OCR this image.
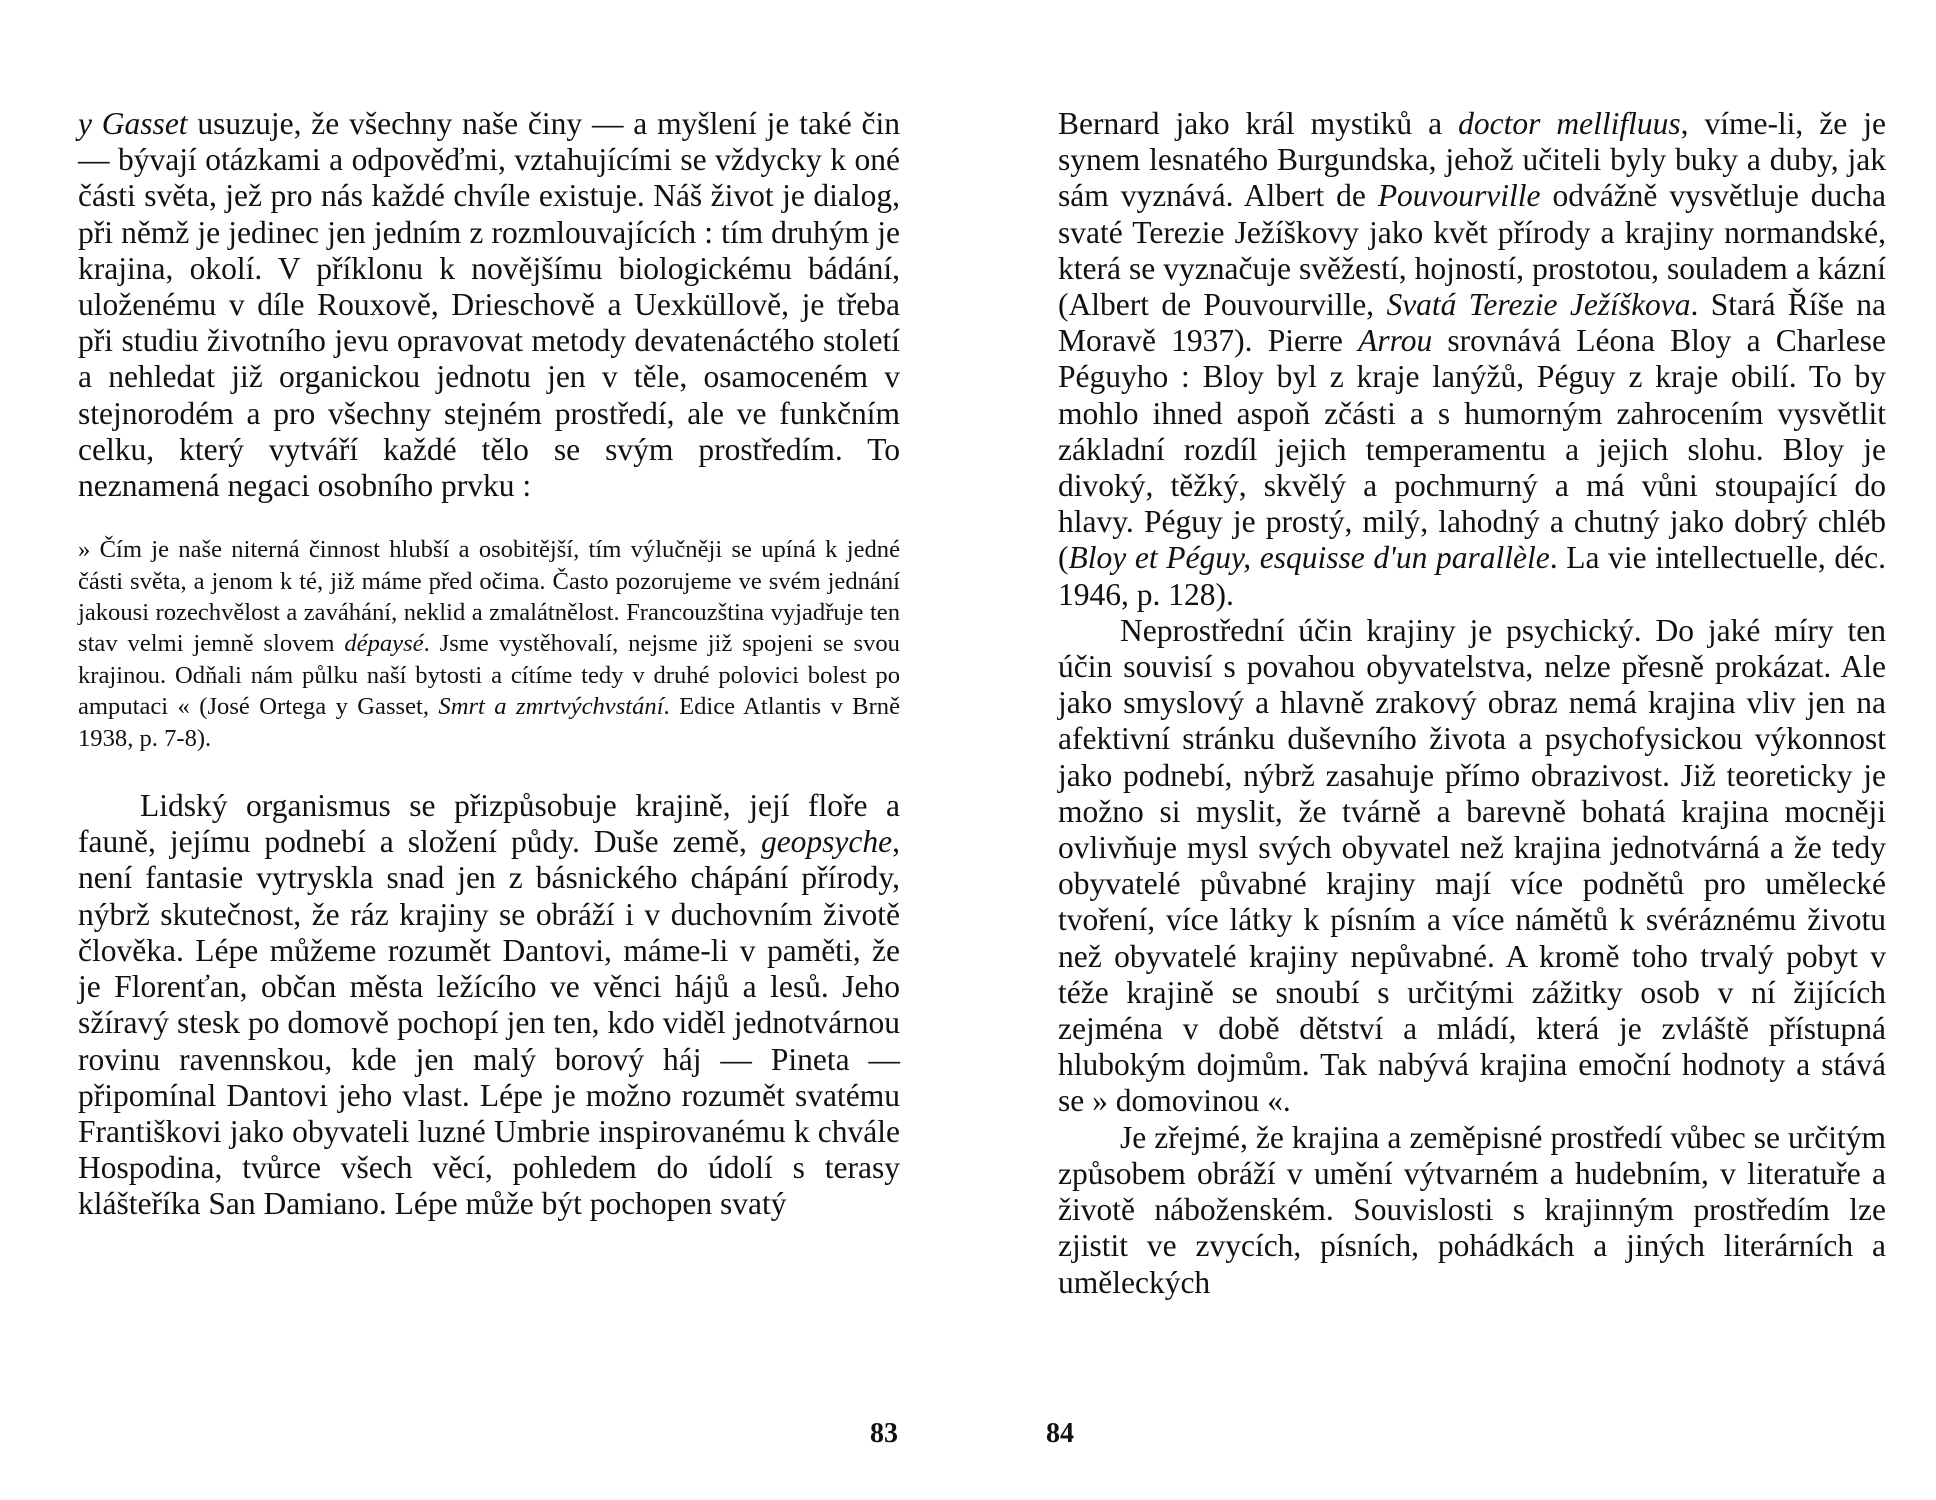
y Gasset usuzuje, že všechny naše činy — a myšlení je také čin — bývají otázkami a odpověďmi, vztahujícími se vždycky k oné části světa, jež pro nás každé chvíle existuje. Náš život je dialog, při němž je jedinec jen jedním z rozmlouvajících : tím druhým je krajina, okolí. V příklonu k novějšímu biologickému bádání, uloženému v díle Rouxově, Drieschově a Uexküllově, je třeba při studiu životního jevu opravovat metody devatenáctého století a nehledat již organickou jednotu jen v těle, osamoceném v stejnorodém a pro všechny stejném prostředí, ale ve funkčním celku, který vytváří každé tělo se svým prostředím. To neznamená negaci osobního prvku :

» Čím je naše niterná činnost hlubší a osobitější, tím výlučněji se upíná k jedné části světa, a jenom k té, již máme před očima. Často pozorujeme ve svém jednání jakousi rozechvělost a zaváhání, neklid a zmalátnělost. Francouzština vyjadřuje ten stav velmi jemně slovem dépaysé. Jsme vystěhovalí, nejsme již spojeni se svou krajinou. Odňali nám půlku naší bytosti a cítíme tedy v druhé polovici bolest po amputaci « (José Ortega y Gasset, Smrt a zmrtvýchvstání. Edice Atlantis v Brně 1938, p. 7-8).

Lidský organismus se přizpůsobuje krajině, její floře a fauně, jejímu podnebí a složení půdy. Duše země, geopsyche, není fantasie vytryskla snad jen z básnického chápání přírody, nýbrž skutečnost, že ráz krajiny se obráží i v duchovním životě člověka. Lépe můžeme rozumět Dantovi, máme-li v paměti, že je Florenťan, občan města ležícího ve věnci hájů a lesů. Jeho sžíravý stesk po domově pochopí jen ten, kdo viděl jednotvárnou rovinu ravennskou, kde jen malý borový háj — Pineta — připomínal Dantovi jeho vlast. Lépe je možno rozumět svatému Františkovi jako obyvateli luzné Umbrie inspirovanému k chvále Hospodina, tvůrce všech věcí, pohledem do údolí s terasy klášteříka San Damiano. Lépe může být pochopen svatý

83

Bernard jako král mystiků a doctor mellifluus, víme-li, že je synem lesnatého Burgundska, jehož učiteli byly buky a duby, jak sám vyznává. Albert de Pouvourville odvážně vysvětluje ducha svaté Terezie Ježíškovy jako květ přírody a krajiny normandské, která se vyznačuje svěžestí, hojností, prostotou, souladem a kázní (Albert de Pouvourville, Svatá Terezie Ježíškova. Stará Říše na Moravě 1937). Pierre Arrou srovnává Léona Bloy a Charlese Péguyho : Bloy byl z kraje lanýžů, Péguy z kraje obilí. To by mohlo ihned aspoň zčásti a s humorným zahrocením vysvětlit základní rozdíl jejich temperamentu a jejich slohu. Bloy je divoký, těžký, skvělý a pochmurný a má vůni stoupající do hlavy. Péguy je prostý, milý, lahodný a chutný jako dobrý chléb (Bloy et Péguy, esquisse d'un parallèle. La vie intellectuelle, déc. 1946, p. 128).

Neprostřední účin krajiny je psychický. Do jaké míry ten účin souvisí s povahou obyvatelstva, nelze přesně prokázat. Ale jako smyslový a hlavně zrakový obraz nemá krajina vliv jen na afektivní stránku duševního života a psychofysickou výkonnost jako podnebí, nýbrž zasahuje přímo obrazivost. Již teoreticky je možno si myslit, že tvárně a barevně bohatá krajina mocněji ovlivňuje mysl svých obyvatel než krajina jednotvárná a že tedy obyvatelé půvabné krajiny mají více podnětů pro umělecké tvoření, více látky k písním a více námětů k svéráznému životu než obyvatelé krajiny nepůvabné. A kromě toho trvalý pobyt v téže krajině se snoubí s určitými zážitky osob v ní žijících zejména v době dětství a mládí, která je zvláště přístupná hlubokým dojmům. Tak nabývá krajina emoční hodnoty a stává se » domovinou «.

Je zřejmé, že krajina a zeměpisné prostředí vůbec se určitým způsobem obráží v umění výtvarném a hudebním, v literatuře a životě náboženském. Souvislosti s krajinným prostředím lze zjistit ve zvycích, písních, pohádkách a jiných literárních a uměleckých

84
